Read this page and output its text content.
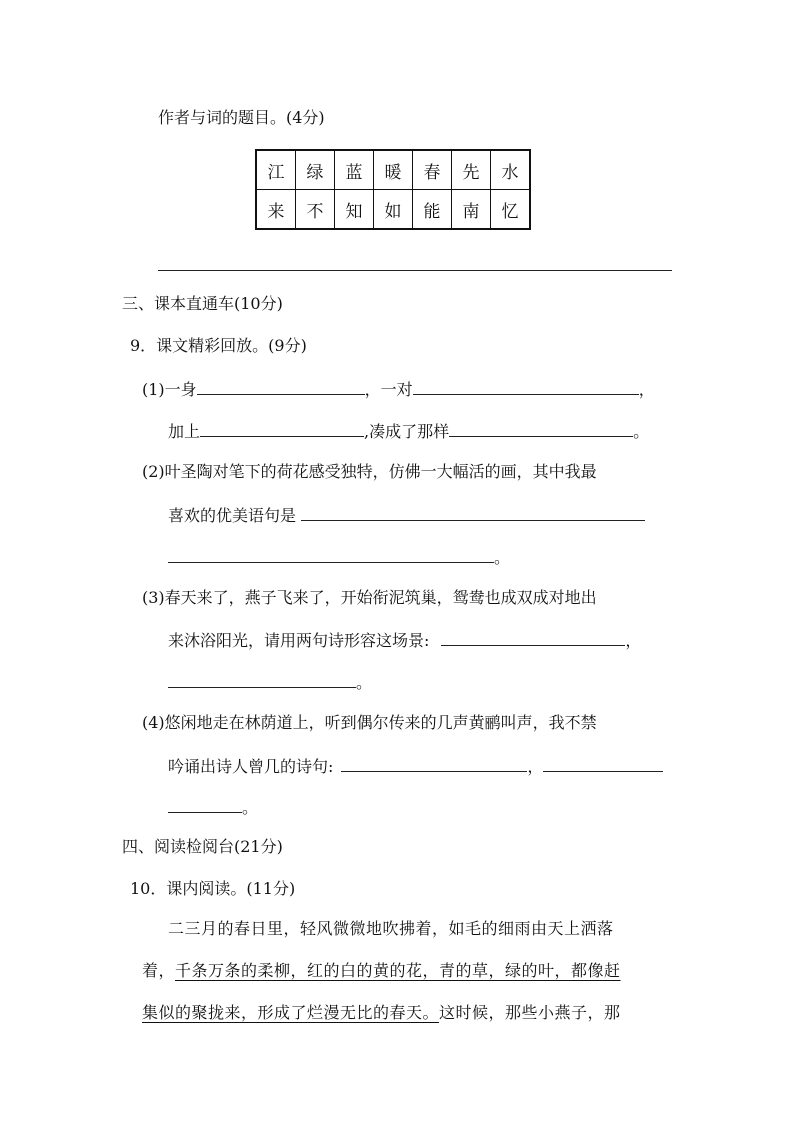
作者与词的题目。(4分)
江	绿	蓝	暖	春	先	水
来	不	知	如	能	南	忆
三、课本直通车(10分)
9．课文精彩回放。(9分)
(1)一身	，一对	，
加上	,凑成了那样	。
(2)叶圣陶对笔下的荷花感受独特，仿佛一大幅活的画，其中我最
喜欢的优美语句是
。
(3)春天来了，燕子飞来了，开始衔泥筑巢，鸳鸯也成双成对地出
来沐浴阳光，请用两句诗形容这场景:	，
。
(4)悠闲地走在林荫道上，听到偶尔传来的几声黄鹂叫声，我不禁
吟诵出诗人曾几的诗句:	，
。
四、阅读检阅台(21分)
10．课内阅读。(11分)
二三月的春日里，轻风微微地吹拂着，如毛的细雨由天上洒落
着，千条万条的柔柳，红的白的黄的花，青的草，绿的叶，都像赶
集似的聚拢来，形成了烂漫无比的春天。这时候，那些小燕子，那
